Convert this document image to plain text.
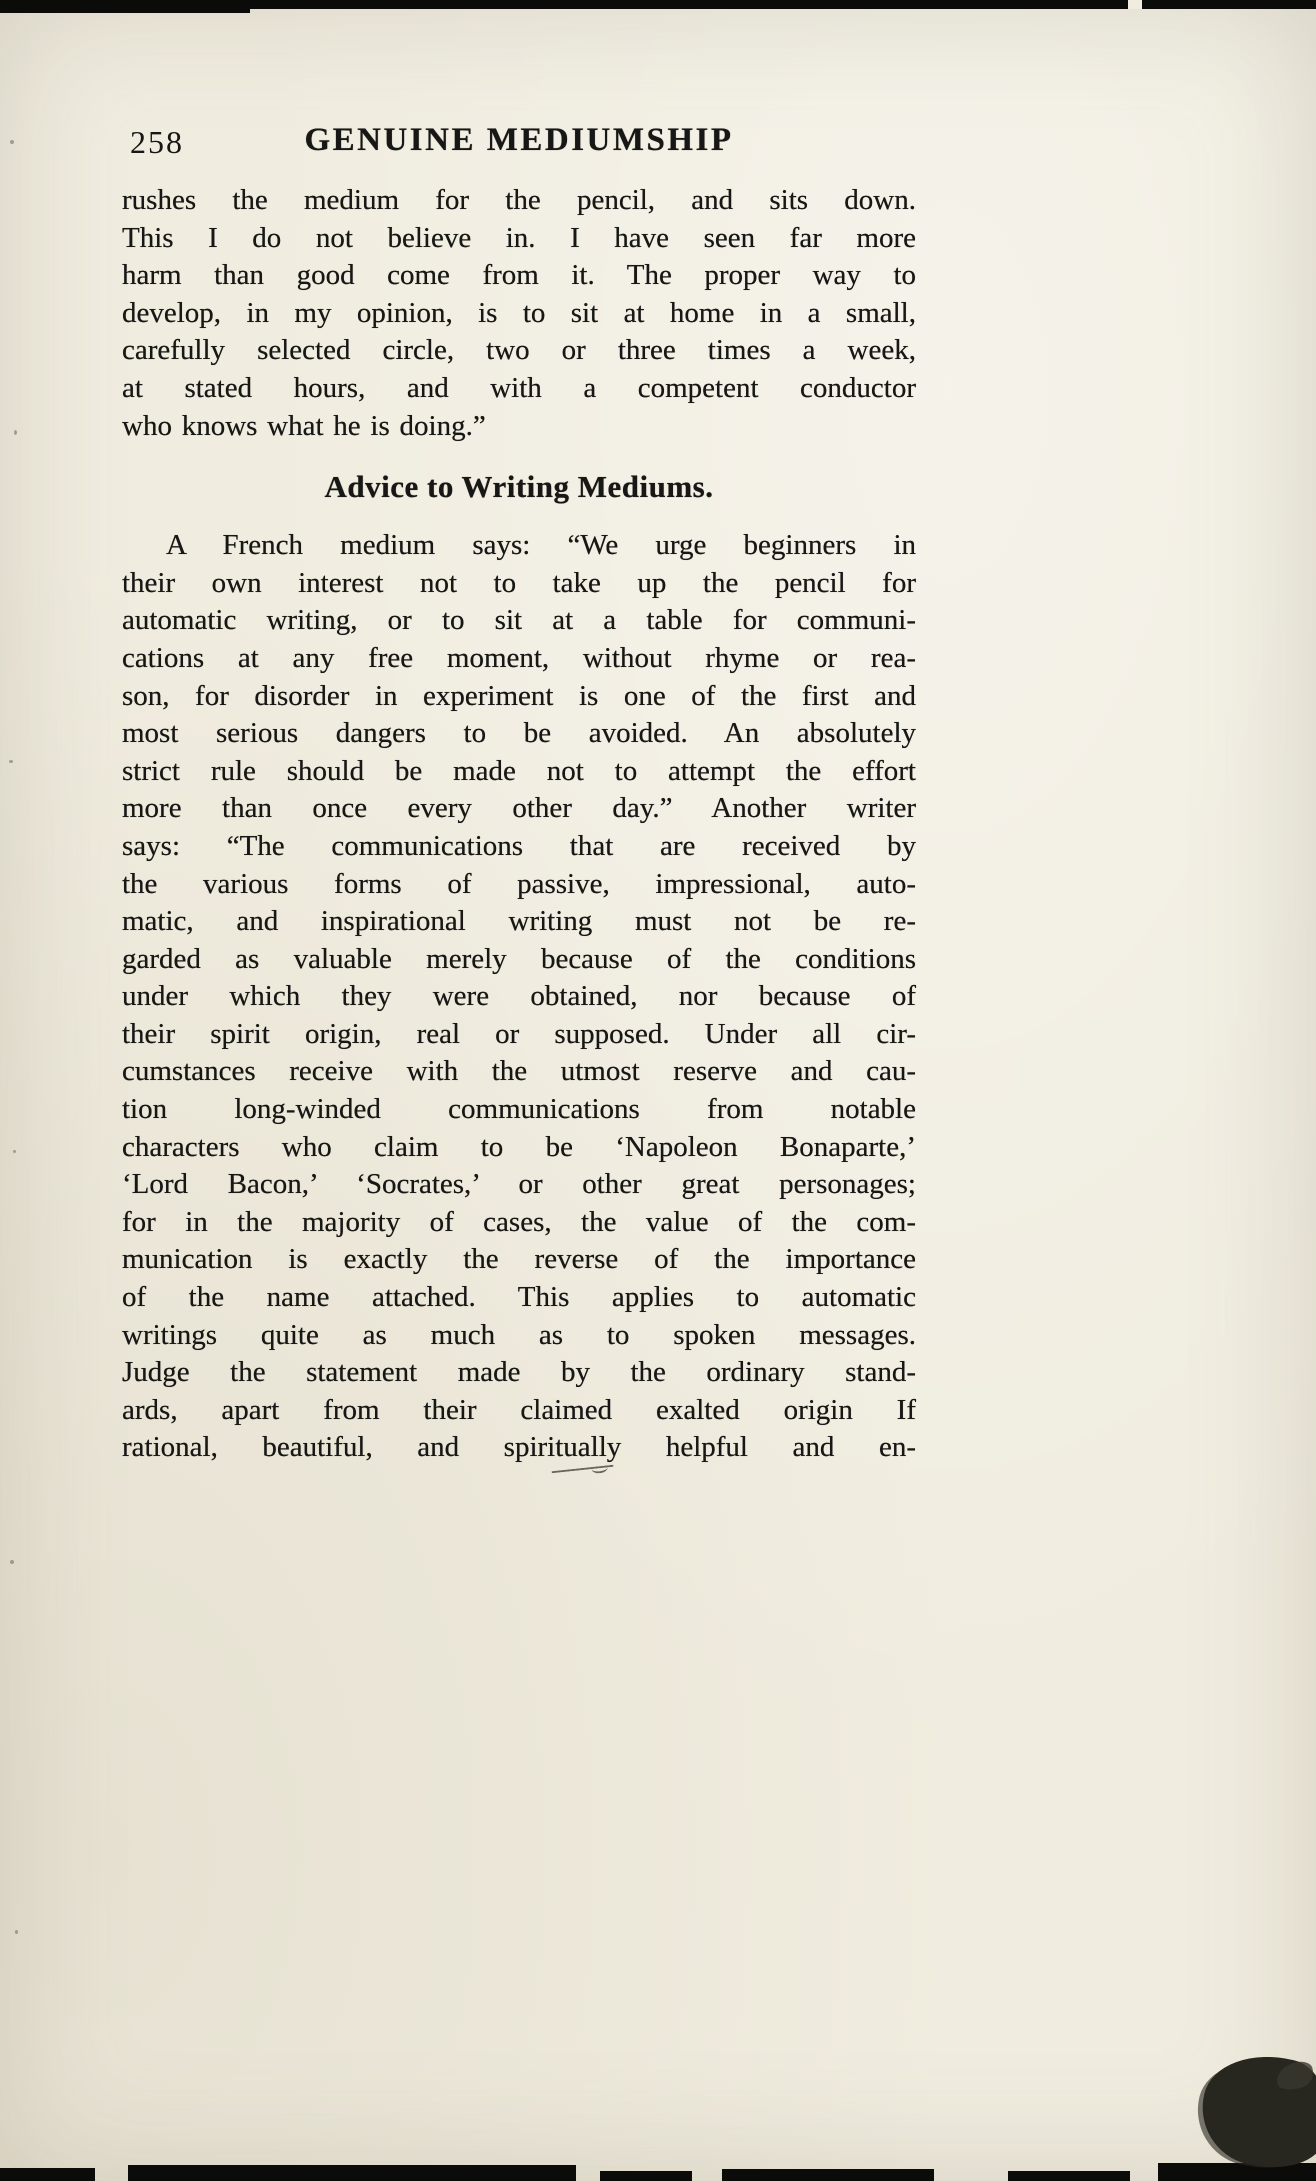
258	GENUINE MEDIUMSHIP
rushes the medium for the pencil, and sits down.
This I do not believe in. I have seen far more
harm than good come from it. The proper way to
develop, in my opinion, is to sit at home in a small,
carefully selected circle, two or three times a week,
at stated hours, and with a competent conductor
who knows what he is doing.”
Advice to Writing Mediums.
A French medium says: “We urge beginners in
their own interest not to take up the pencil for
automatic writing, or to sit at a table for communi-
cations at any free moment, without rhyme or rea-
son, for disorder in experiment is one of the first and
most serious dangers to be avoided. An absolutely
strict rule should be made not to attempt the effort
more than once every other day.” Another writer
says: “The communications that are received by
the various forms of passive, impressional, auto-
matic, and inspirational writing must not be re-
garded as valuable merely because of the conditions
under which they were obtained, nor because of
their spirit origin, real or supposed. Under all cir-
cumstances receive with the utmost reserve and cau-
tion long-winded communications from notable
characters who claim to be ‘Napoleon Bonaparte,’
‘Lord Bacon,’ ‘Socrates,’ or other great personages;
for in the majority of cases, the value of the com-
munication is exactly the reverse of the importance
of the name attached. This applies to automatic
writings quite as much as to spoken messages.
Judge the statement made by the ordinary stand-
ards, apart from their claimed exalted origin If
rational, beautiful, and spiritually helpful and en-
